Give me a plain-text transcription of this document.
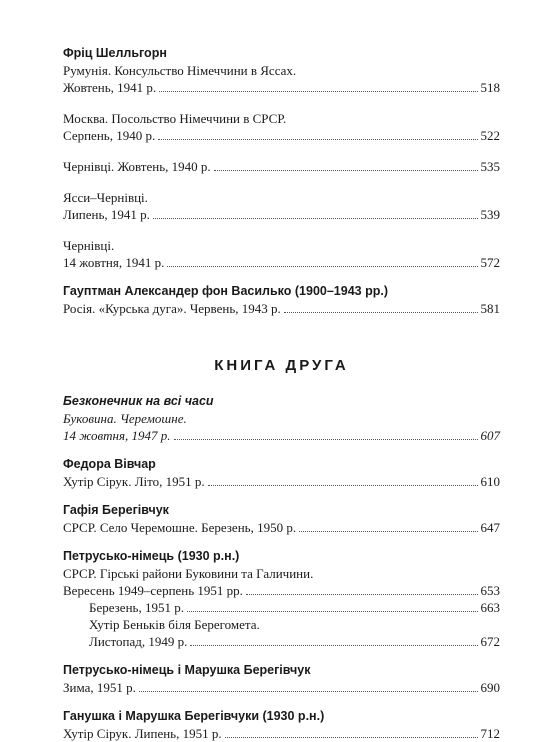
Фріц Шелльгорн
Румунія. Консульство Німеччини в Яссах.
Жовтень, 1941 р.	518
Москва. Посольство Німеччини в СРСР.
Серпень, 1940 р.	522
Чернівці. Жовтень, 1940 р.	535
Ясси–Чернівці.
Липень, 1941 р.	539
Чернівці.
14 жовтня, 1941 р.	572
Гауптман Александер фон Василько (1900–1943 рр.)
Росія. «Курська дуга». Червень, 1943 р.	581
КНИГА ДРУГА
Безконечник на всі часи
Буковина. Черемошне.
14 жовтня, 1947 р.	607
Федора Вівчар
Хутір Сірук. Літо, 1951 р.	610
Гафія Берегівчук
СРСР. Село Черемошне. Березень, 1950 р.	647
Петрусько-німець (1930 р.н.)
СРСР. Гірські райони Буковини та Галичини.
Вересень 1949–серпень 1951 рр.	653
Березень, 1951 р.	663
Хутір Беньків біля Берегомета.
Листопад, 1949 р.	672
Петрусько-німець і Марушка Берегівчук
Зима, 1951 р.	690
Ганушка і Марушка Берегівчуки (1930 р.н.)
Хутір Сірук. Липень, 1951 р.	712
